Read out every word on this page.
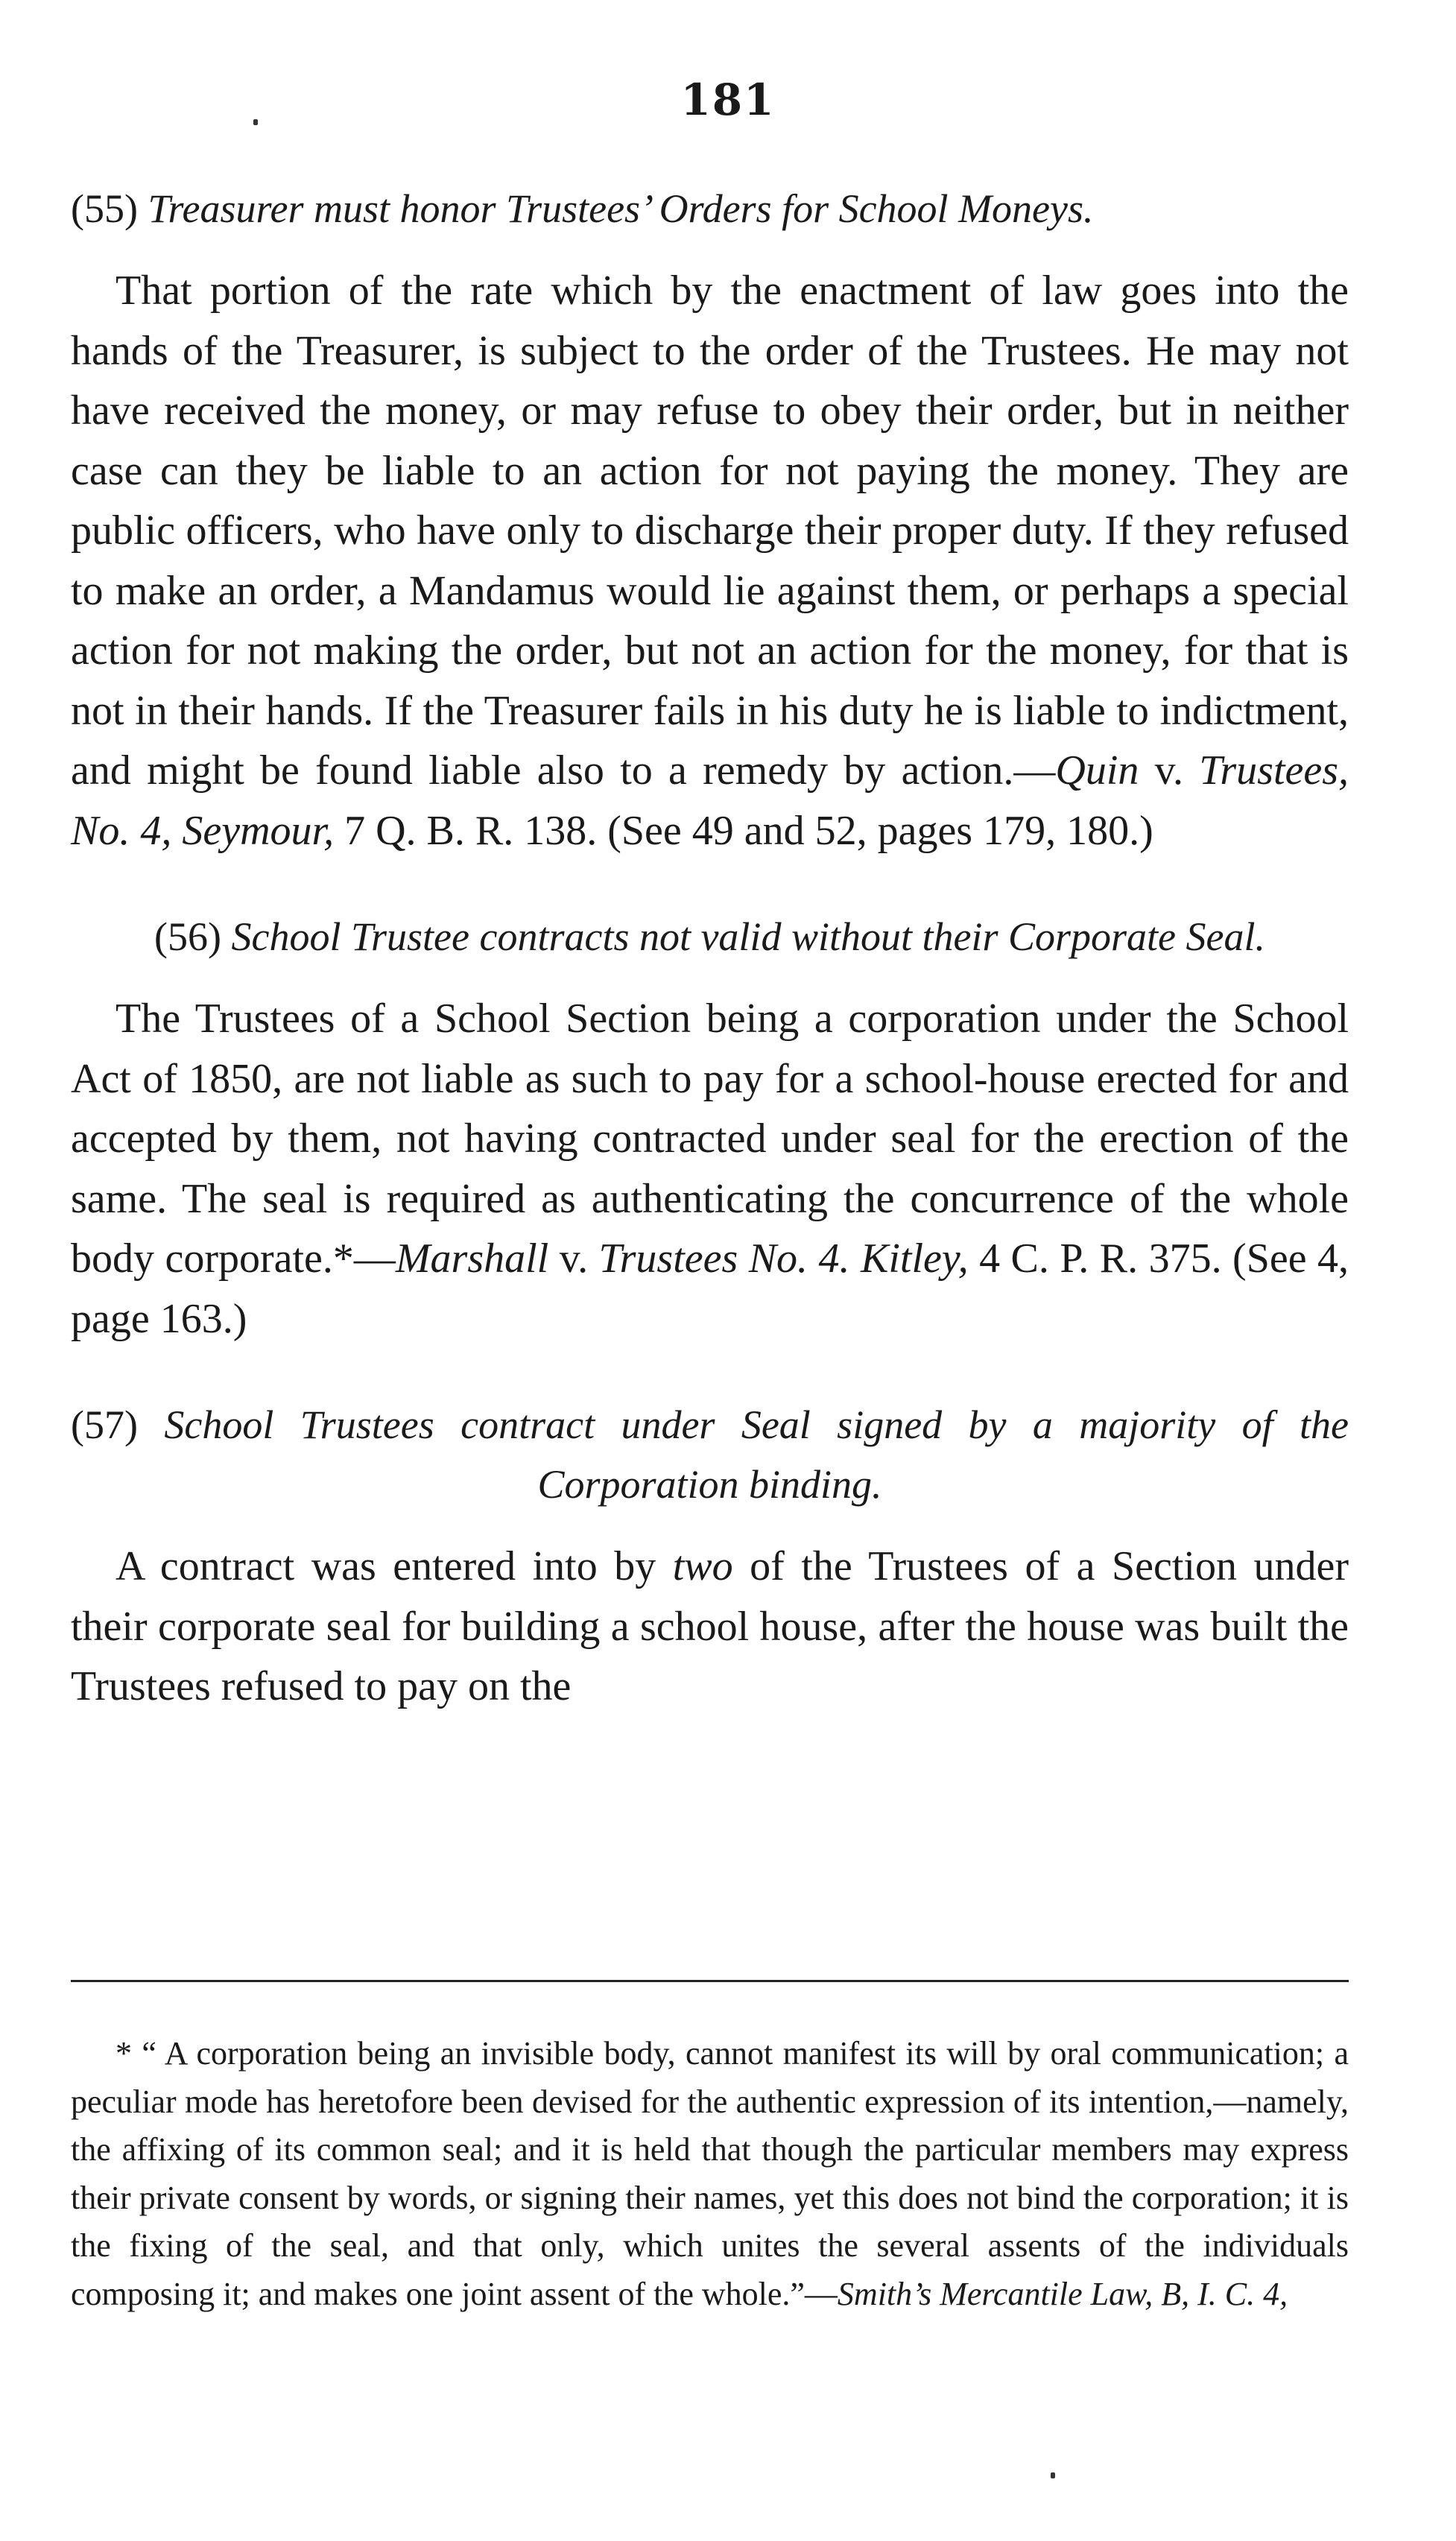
181
(55) Treasurer must honor Trustees’ Orders for School Moneys.

That portion of the rate which by the enactment of law goes into the hands of the Treasurer, is subject to the order of the Trustees. He may not have received the money, or may refuse to obey their order, but in neither case can they be liable to an action for not paying the money. They are public officers, who have only to discharge their proper duty. If they refused to make an order, a Mandamus would lie against them, or perhaps a special action for not making the order, but not an action for the money, for that is not in their hands. If the Treasurer fails in his duty he is liable to indictment, and might be found liable also to a remedy by action.—Quin v. Trustees, No. 4, Seymour, 7 Q. B. R. 138. (See 49 and 52, pages 179, 180.)

(56) School Trustee contracts not valid without their Corporate Seal.

The Trustees of a School Section being a corporation under the School Act of 1850, are not liable as such to pay for a school-house erected for and accepted by them, not having contracted under seal for the erection of the same. The seal is required as authenticating the concurrence of the whole body corporate.*—Marshall v. Trustees No. 4. Kitley, 4 C. P. R. 375. (See 4, page 163.)

(57) School Trustees contract under Seal signed by a majority of the Corporation binding.

A contract was entered into by two of the Trustees of a Section under their corporate seal for building a school house, after the house was built the Trustees refused to pay on the

* “ A corporation being an invisible body, cannot manifest its will by oral communication; a peculiar mode has heretofore been devised for the authentic expression of its intention,—namely, the affixing of its common seal; and it is held that though the particular members may express their private consent by words, or signing their names, yet this does not bind the corporation; it is the fixing of the seal, and that only, which unites the several assents of the individuals composing it; and makes one joint assent of the whole.”—Smith’s Mercantile Law, B, I. C. 4,
